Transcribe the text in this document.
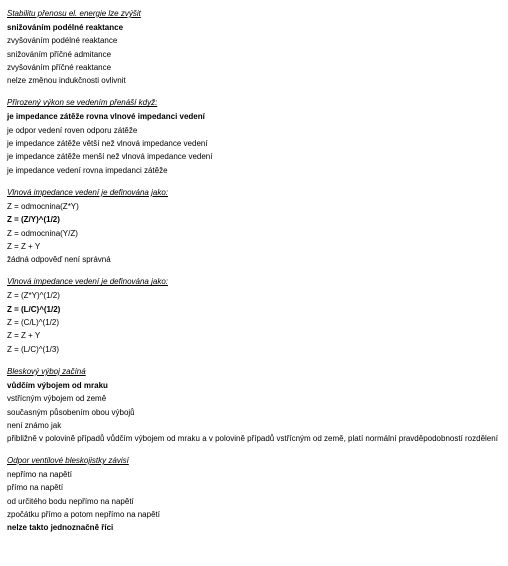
Stabilitu přenosu el. energie lze zvýšit
snižováním podélné reaktance
zvyšováním podélné reaktance
snižováním příčné admitance
zvyšováním příčné reaktance
nelze změnou indukčnosti ovlivnit
Přirozený výkon se vedením přenáší když:
je impedance zátěže rovna vlnové impedanci vedení
je odpor vedení roven odporu zátěže
je impedance zátěže větší než vlnová impedance vedení
je impedance zátěže menší než vlnová impedance vedení
je impedance vedení rovna impedanci zátěže
Vlnová impedance vedení je definována jako:
Z = odmocnina(Z*Y)
Z = (Z/Y)^(1/2)
Z = odmocnina(Y/Z)
Z = Z + Y
žádná odpověď není správná
Vlnová impedance vedení je definována jako:
Z = (Z*Y)^(1/2)
Z = (L/C)^(1/2)
Z = (C/L)^(1/2)
Z = Z + Y
Z = (L/C)^(1/3)
Bleskový výboj začíná
vůdčím výbojem od mraku
vstřícným výbojem od země
současným působením obou výbojů
není známo jak
přibližně v polovině případů vůdčím výbojem od mraku a v polovině případů vstřícným od země, platí normální pravděpodobností rozdělení
Odpor ventilové bleskojistky závisí
nepřímo na napětí
přímo na napětí
od určitého bodu nepřímo na napětí
zpočátku přímo a potom nepřímo na napětí
nelze takto jednoznačně říci
